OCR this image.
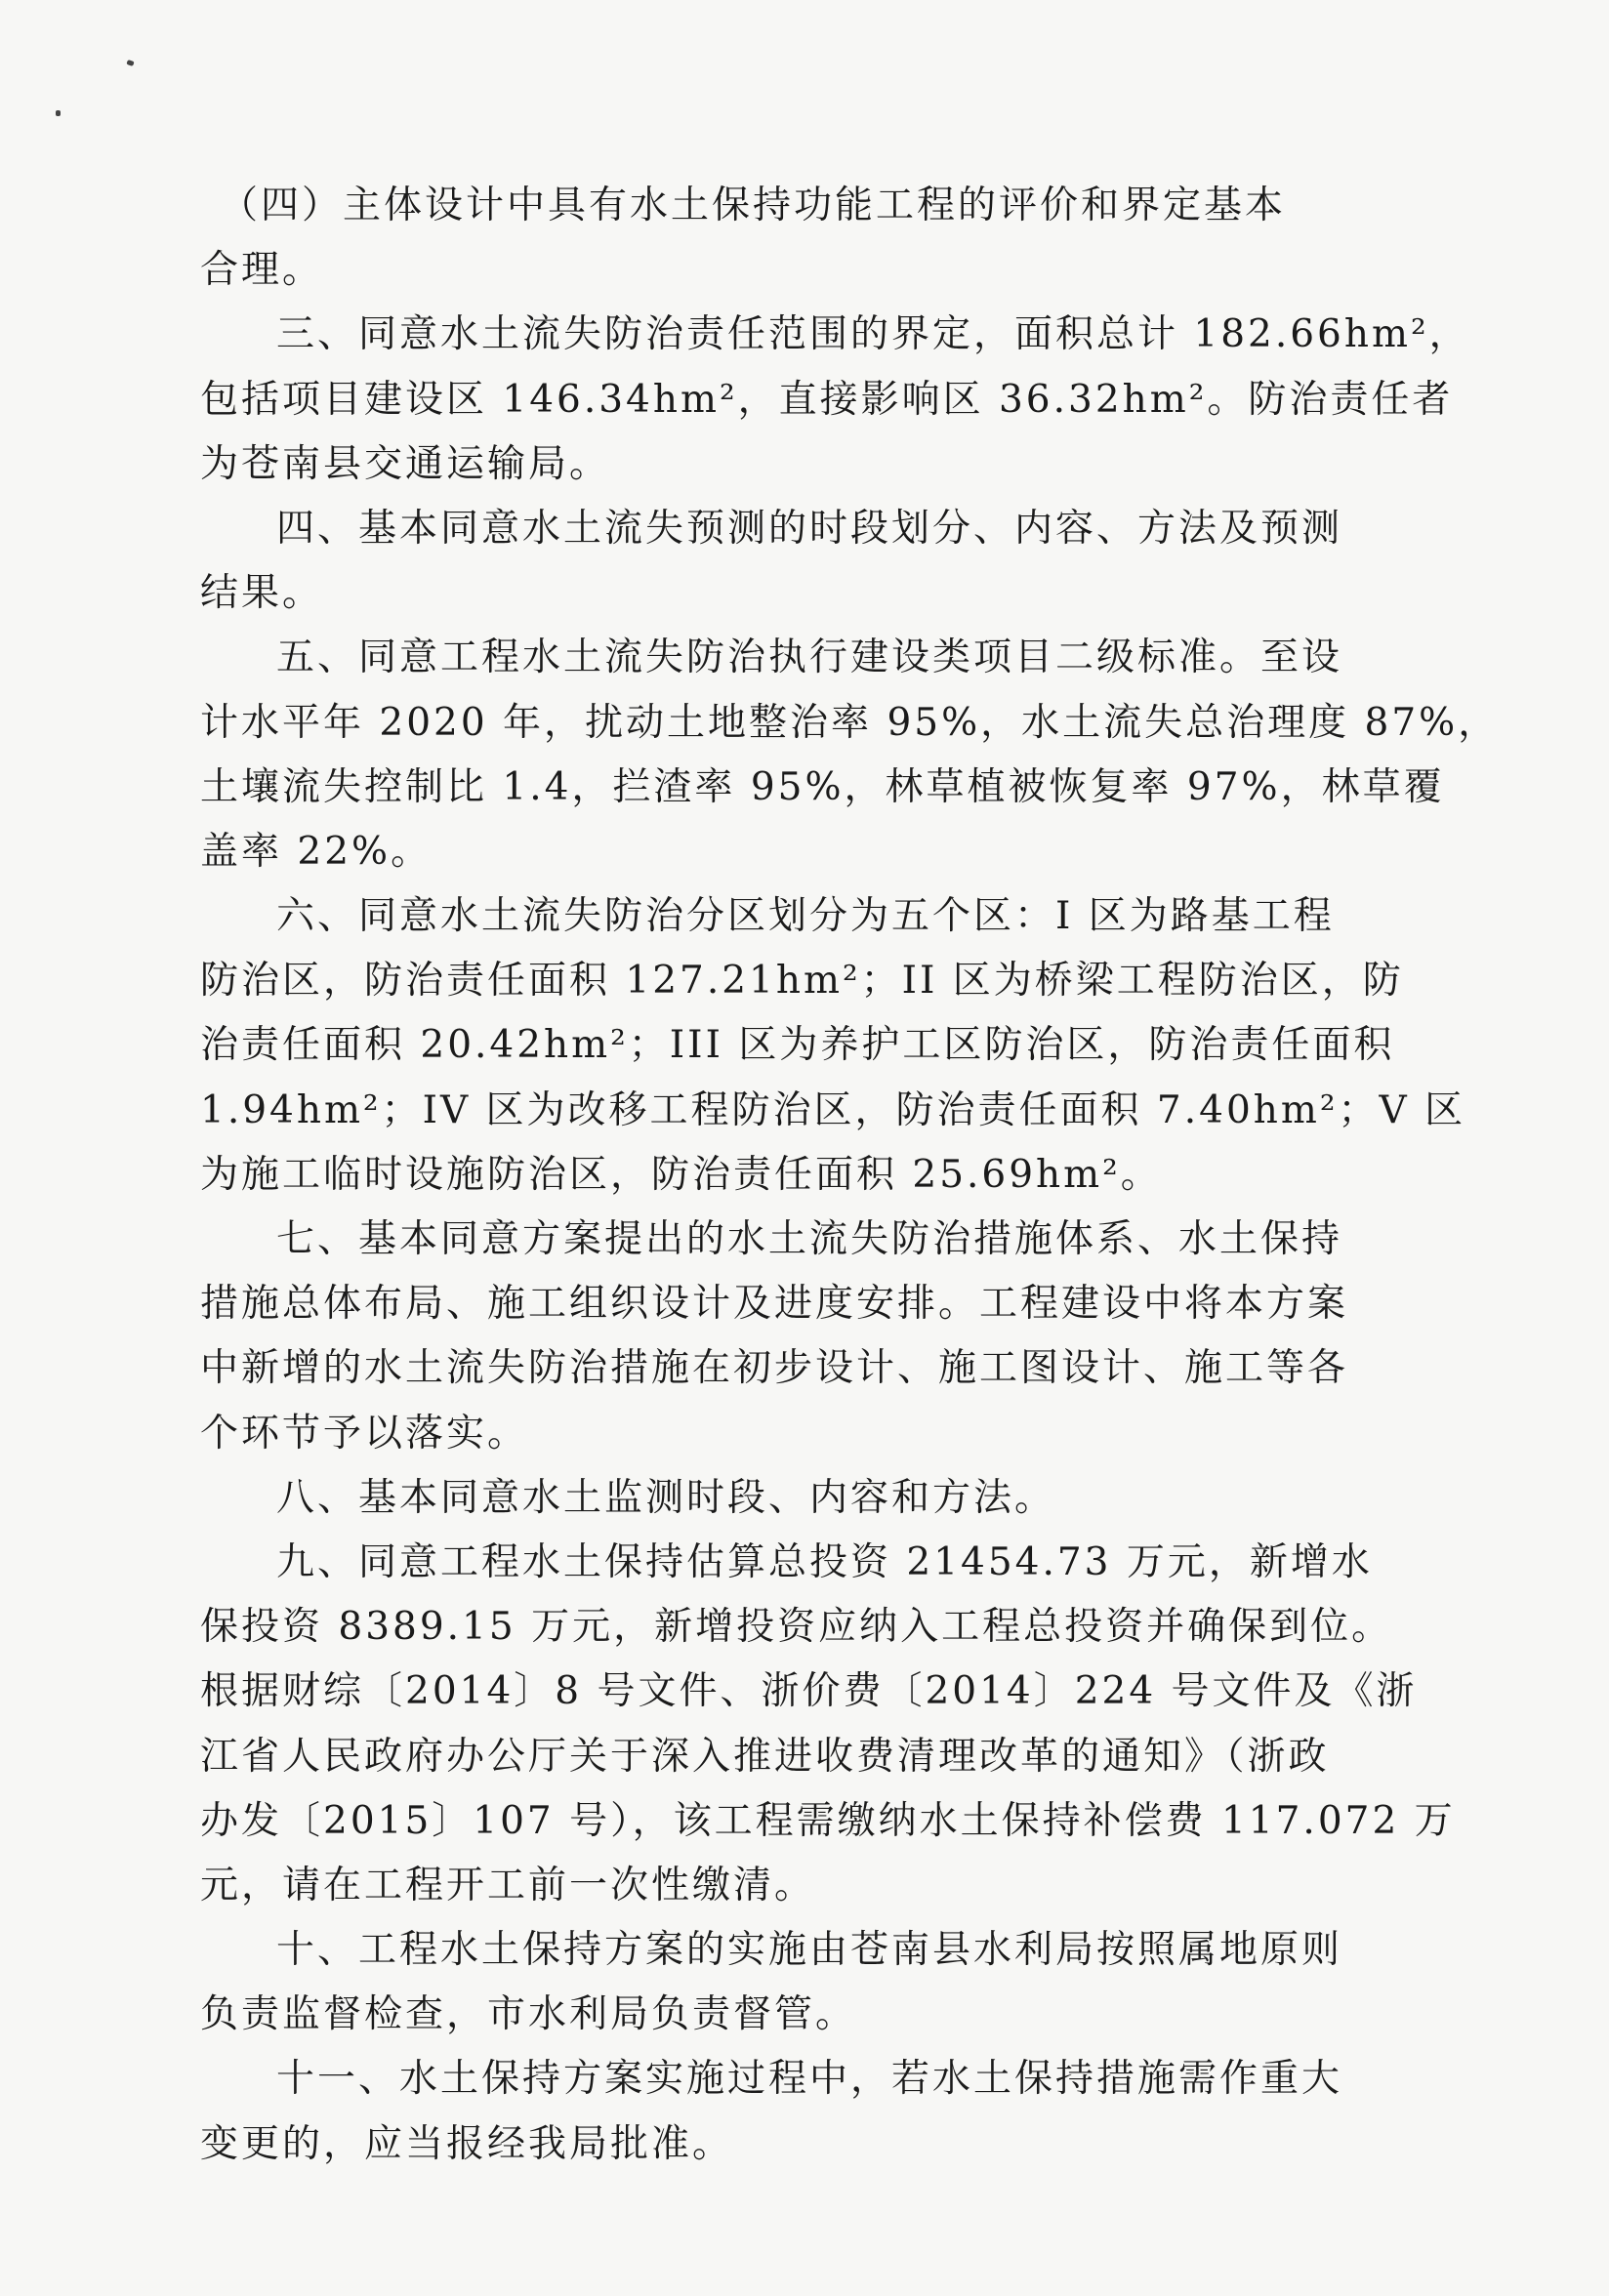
（四）主体设计中具有水土保持功能工程的评价和界定基本
合理。
三、同意水土流失防治责任范围的界定，面积总计 182.66hm²，
包括项目建设区 146.34hm²，直接影响区 36.32hm²。防治责任者
为苍南县交通运输局。
四、基本同意水土流失预测的时段划分、内容、方法及预测
结果。
五、同意工程水土流失防治执行建设类项目二级标准。至设
计水平年 2020 年，扰动土地整治率 95%，水土流失总治理度 87%，
土壤流失控制比 1.4，拦渣率 95%，林草植被恢复率 97%，林草覆
盖率 22%。
六、同意水土流失防治分区划分为五个区：I 区为路基工程
防治区，防治责任面积 127.21hm²；II 区为桥梁工程防治区，防
治责任面积 20.42hm²；III 区为养护工区防治区，防治责任面积
1.94hm²；IV 区为改移工程防治区，防治责任面积 7.40hm²；V 区
为施工临时设施防治区，防治责任面积 25.69hm²。
七、基本同意方案提出的水土流失防治措施体系、水土保持
措施总体布局、施工组织设计及进度安排。工程建设中将本方案
中新增的水土流失防治措施在初步设计、施工图设计、施工等各
个环节予以落实。
八、基本同意水土监测时段、内容和方法。
九、同意工程水土保持估算总投资 21454.73 万元，新增水
保投资 8389.15 万元，新增投资应纳入工程总投资并确保到位。
根据财综〔2014〕8 号文件、浙价费〔2014〕224 号文件及《浙
江省人民政府办公厅关于深入推进收费清理改革的通知》（浙政
办发〔2015〕107 号），该工程需缴纳水土保持补偿费 117.072 万
元，请在工程开工前一次性缴清。
十、工程水土保持方案的实施由苍南县水利局按照属地原则
负责监督检查，市水利局负责督管。
十一、水土保持方案实施过程中，若水土保持措施需作重大
变更的，应当报经我局批准。
